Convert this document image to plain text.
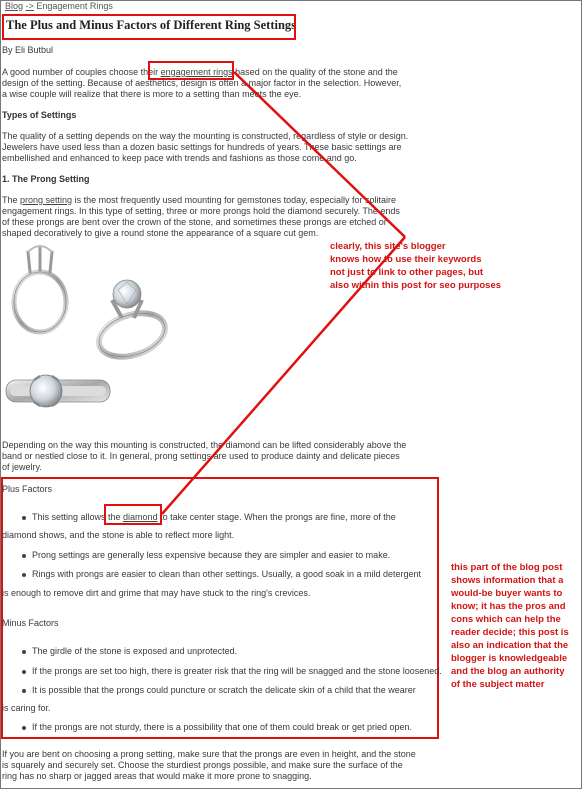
Blog -> Engagement Rings
The Plus and Minus Factors of Different Ring Settings
By Eli Butbul
A good number of couples choose their engagement rings based on the quality of the stone and the
design of the setting. Because of aesthetics, design is often a major factor in the selection. However,
a wise couple will realize that there is more to a setting than meets the eye.
Types of Settings
The quality of a setting depends on the way the mounting is constructed, regardless of style or design.
Jewelers have used less than a dozen basic settings for hundreds of years. These basic settings are
embellished and enhanced to keep pace with trends and fashions as those come and go.
1. The Prong Setting
The prong setting is the most frequently used mounting for gemstones today, especially for solitaire
engagement rings. In this type of setting, three or more prongs hold the diamond securely. The ends
of these prongs are bent over the crown of the stone, and sometimes these prongs are etched or
shaped decoratively to give a round stone the appearance of a square cut gem.
Depending on the way this mounting is constructed, the diamond can be lifted considerably above the
band or nestled close to it. In general, prong settings are used to produce dainty and delicate pieces
of jewelry.
Plus Factors
This setting allows the diamond to take center stage. When the prongs are fine, more of the
diamond shows, and the stone is able to reflect more light.
Prong settings are generally less expensive because they are simpler and easier to make.
Rings with prongs are easier to clean than other settings. Usually, a good soak in a mild detergent
is enough to remove dirt and grime that may have stuck to the ring's crevices.
Minus Factors
The girdle of the stone is exposed and unprotected.
If the prongs are set too high, there is greater risk that the ring will be snagged and the stone loosened.
It is possible that the prongs could puncture or scratch the delicate skin of a child that the wearer
is caring for.
If the prongs are not sturdy, there is a possibility that one of them could break or get pried open.
If you are bent on choosing a prong setting, make sure that the prongs are even in height, and the stone
is squarely and securely set. Choose the sturdiest prongs possible, and make sure the surface of the
ring has no sharp or jagged areas that would make it more prone to snagging.
clearly, this site's blogger
knows how to use their keywords
not just to link to other pages, but
also within this post for seo purposes
this part of the blog post
shows information that a
would-be buyer wants to
know; it has the pros and
cons which can help the
reader decide; this post is
also an indication that the
blogger is knowledgeable
and the blog an authority
of the subject matter
